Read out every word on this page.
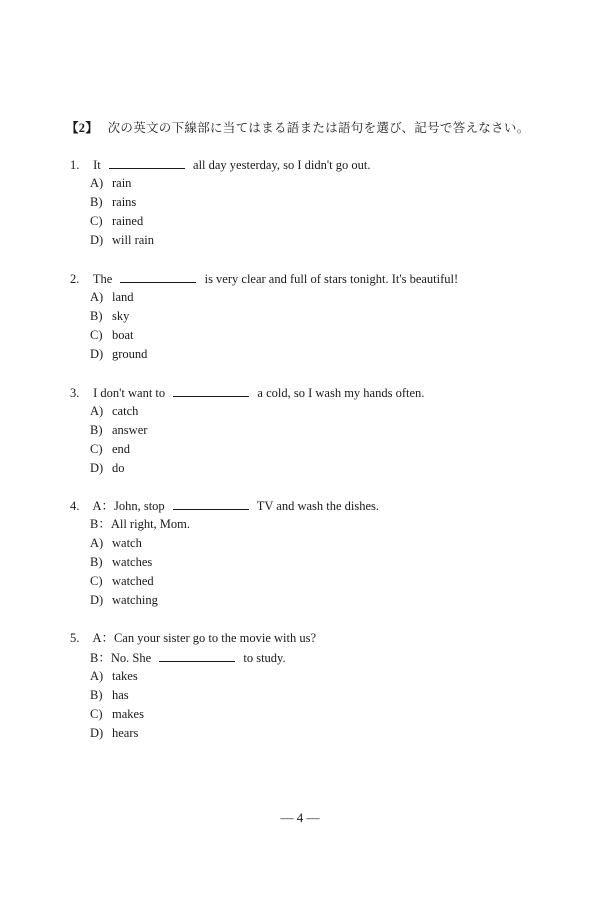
【2】 次の英文の下線部に当てはまる語または語句を選び、記号で答えなさい。
1. It	all day yesterday, so I didn't go out.
A) rain
B) rains
C) rained
D) will rain
2. The	is very clear and full of stars tonight. It's beautiful!
A) land
B) sky
C) boat
D) ground
3. I don't want to	a cold, so I wash my hands often.
A) catch
B) answer
C) end
D) do
4. A：John, stop	TV and wash the dishes.
B：All right, Mom.
A) watch
B) watches
C) watched
D) watching
5. A：Can your sister go to the movie with us?
B：No. She	to study.
A) takes
B) has
C) makes
D) hears
— 4 —
